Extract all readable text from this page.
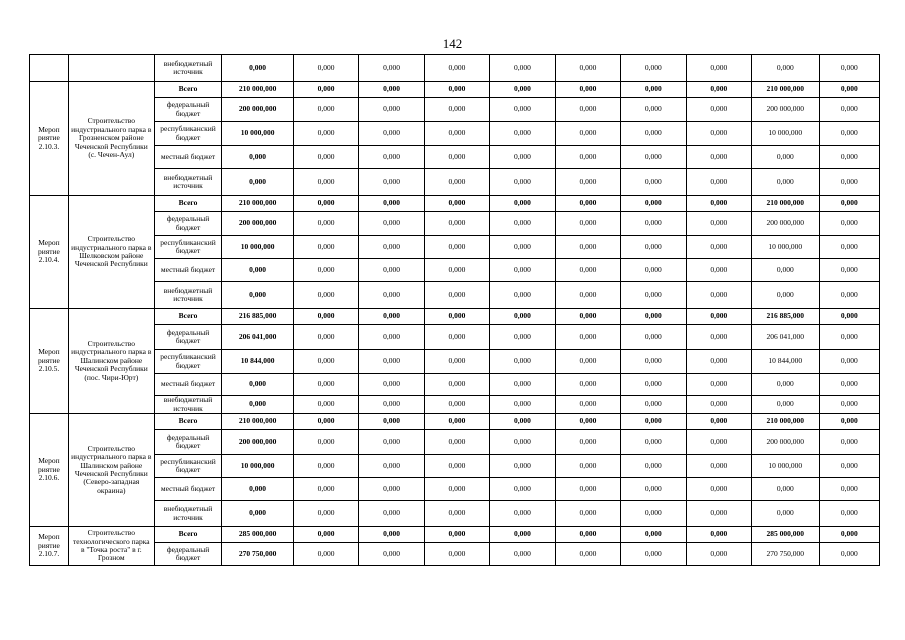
142
		внебюджетный источник	0,000	0,000	0,000	0,000	0,000	0,000	0,000	0,000	0,000	0,000
Мероп риятие 2.10.3.	Строительство индустриального парка в Грозненском районе Чеченской Республики (с. Чечен-Аул)	Всего	210 000,000	0,000	0,000	0,000	0,000	0,000	0,000	0,000	210 000,000	0,000
		федеральный бюджет	200 000,000	0,000	0,000	0,000	0,000	0,000	0,000	0,000	200 000,000	0,000
		республиканский бюджет	10 000,000	0,000	0,000	0,000	0,000	0,000	0,000	0,000	10 000,000	0,000
		местный бюджет	0,000	0,000	0,000	0,000	0,000	0,000	0,000	0,000	0,000	0,000
		внебюджетный источник	0,000	0,000	0,000	0,000	0,000	0,000	0,000	0,000	0,000	0,000
Мероп риятие 2.10.4.	Строительство индустриального парка в Шелковском районе Чеченской Республики	Всего	210 000,000	0,000	0,000	0,000	0,000	0,000	0,000	0,000	210 000,000	0,000
		федеральный бюджет	200 000,000	0,000	0,000	0,000	0,000	0,000	0,000	0,000	200 000,000	0,000
		республиканский бюджет	10 000,000	0,000	0,000	0,000	0,000	0,000	0,000	0,000	10 000,000	0,000
		местный бюджет	0,000	0,000	0,000	0,000	0,000	0,000	0,000	0,000	0,000	0,000
		внебюджетный источник	0,000	0,000	0,000	0,000	0,000	0,000	0,000	0,000	0,000	0,000
Мероп риятие 2.10.5.	Строительство индустриального парка в Шалинском районе Чеченской Республики (пос. Чири-Юрт)	Всего	216 885,000	0,000	0,000	0,000	0,000	0,000	0,000	0,000	216 885,000	0,000
		федеральный бюджет	206 041,000	0,000	0,000	0,000	0,000	0,000	0,000	0,000	206 041,000	0,000
		республиканский бюджет	10 844,000	0,000	0,000	0,000	0,000	0,000	0,000	0,000	10 844,000	0,000
		местный бюджет	0,000	0,000	0,000	0,000	0,000	0,000	0,000	0,000	0,000	0,000
		внебюджетный источник	0,000	0,000	0,000	0,000	0,000	0,000	0,000	0,000	0,000	0,000
Мероп риятие 2.10.6.	Строительство индустриального парка в Шалинском районе Чеченской Республики (Северо-западная окраина)	Всего	210 000,000	0,000	0,000	0,000	0,000	0,000	0,000	0,000	210 000,000	0,000
		федеральный бюджет	200 000,000	0,000	0,000	0,000	0,000	0,000	0,000	0,000	200 000,000	0,000
		республиканский бюджет	10 000,000	0,000	0,000	0,000	0,000	0,000	0,000	0,000	10 000,000	0,000
		местный бюджет	0,000	0,000	0,000	0,000	0,000	0,000	0,000	0,000	0,000	0,000
		внебюджетный источник	0,000	0,000	0,000	0,000	0,000	0,000	0,000	0,000	0,000	0,000
Мероп риятие 2.10.7.	Строительство технологического парка в "Точка роста" в г. Грозном	Всего	285 000,000	0,000	0,000	0,000	0,000	0,000	0,000	0,000	285 000,000	0,000
		федеральный бюджет	270 750,000	0,000	0,000	0,000	0,000	0,000	0,000	0,000	270 750,000	0,000
